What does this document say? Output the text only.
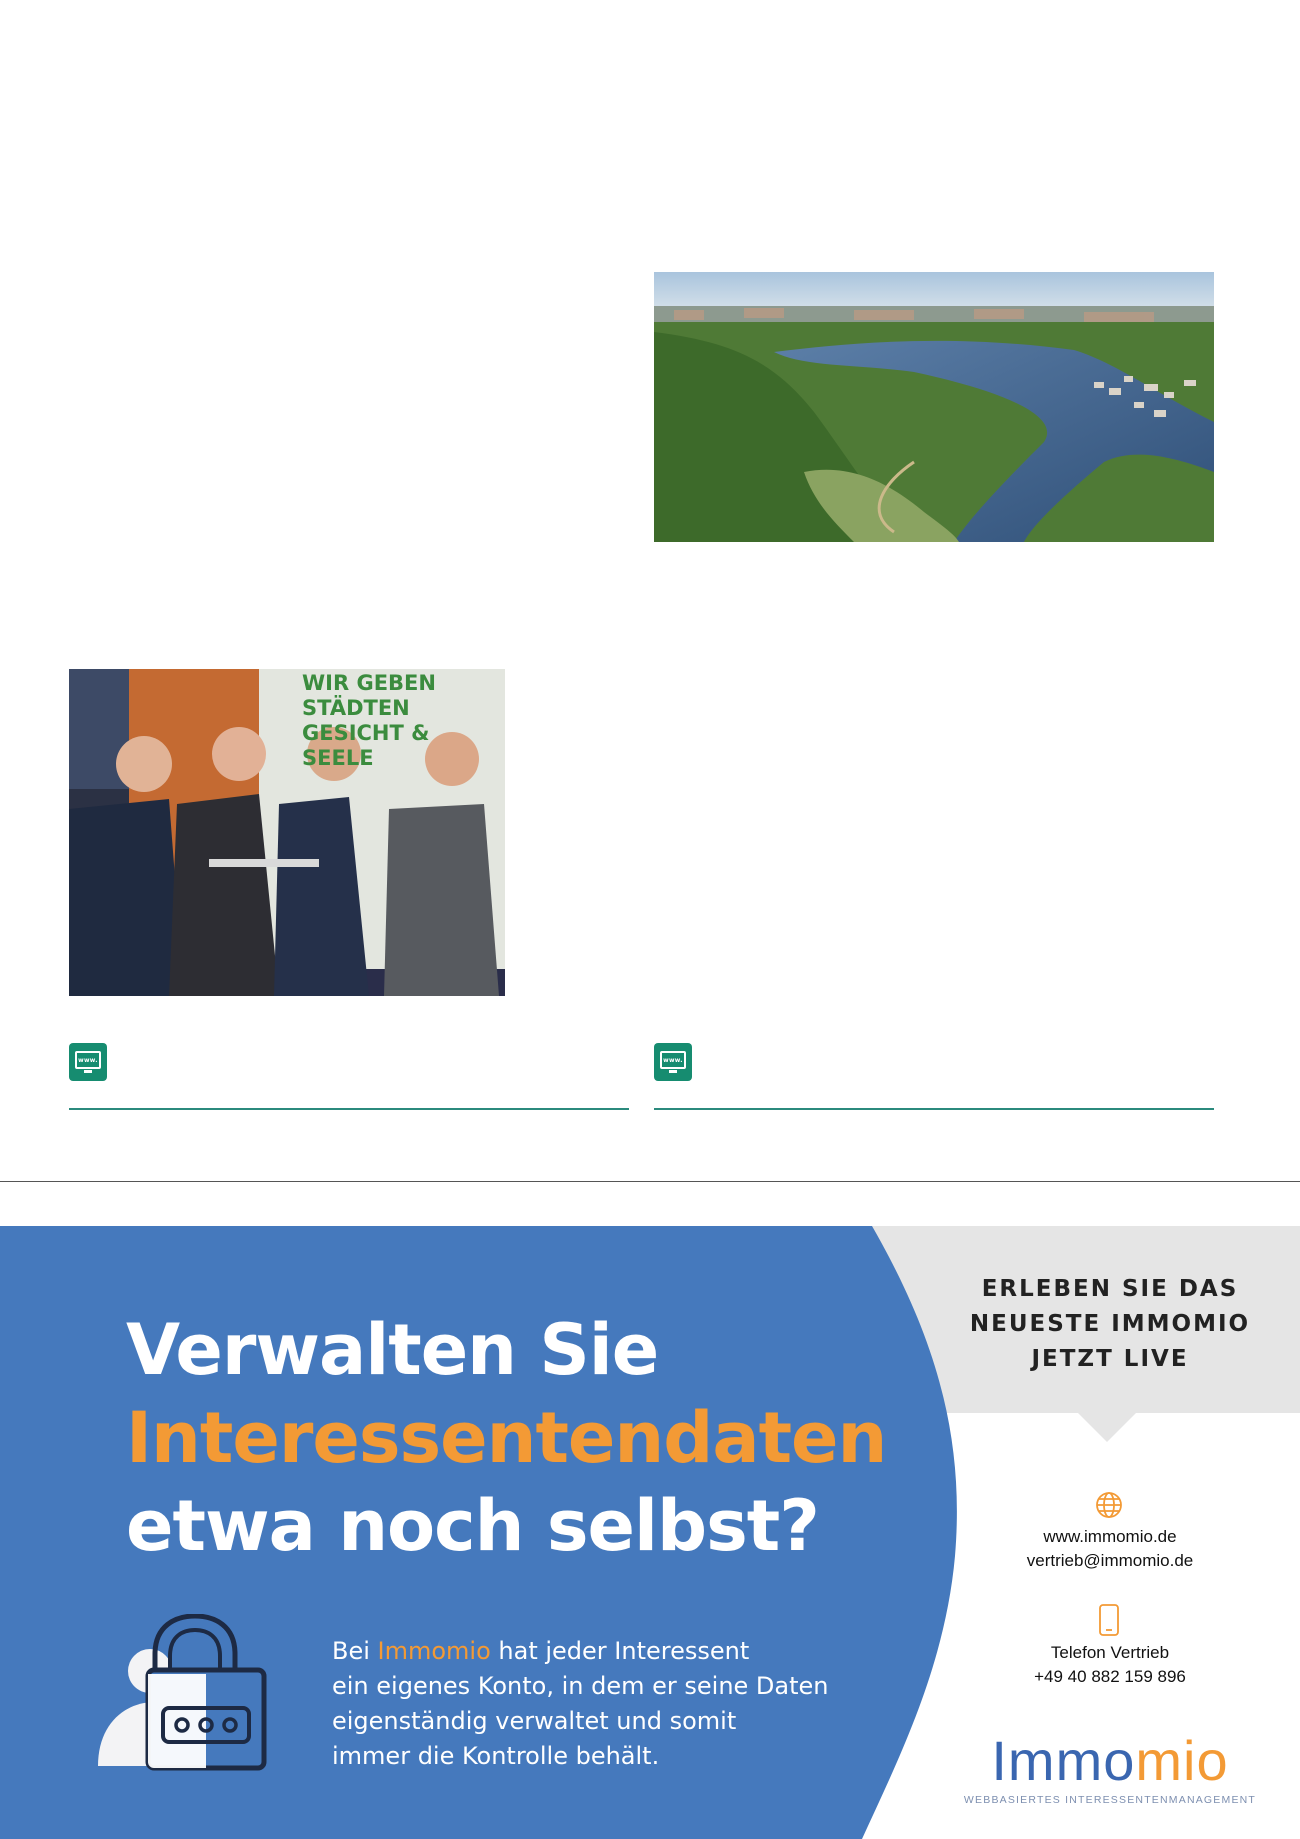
WIR GEBEN
STÄDTEN
GESICHT &
SEELE
www.	www.
Verwalten Sie
Interessentendaten
etwa noch selbst?
Bei Immomio hat jeder Interessent
ein eigenes Konto, in dem er seine Daten
eigenständig verwaltet und somit
immer die Kontrolle behält.
ERLEBEN SIE DAS
NEUESTE IMMOMIO
JETZT LIVE
www.immomio.de
vertrieb@immomio.de
Telefon Vertrieb
+49 40 882 159 896
Immomio
WEBBASIERTES INTERESSENTENMANAGEMENT
